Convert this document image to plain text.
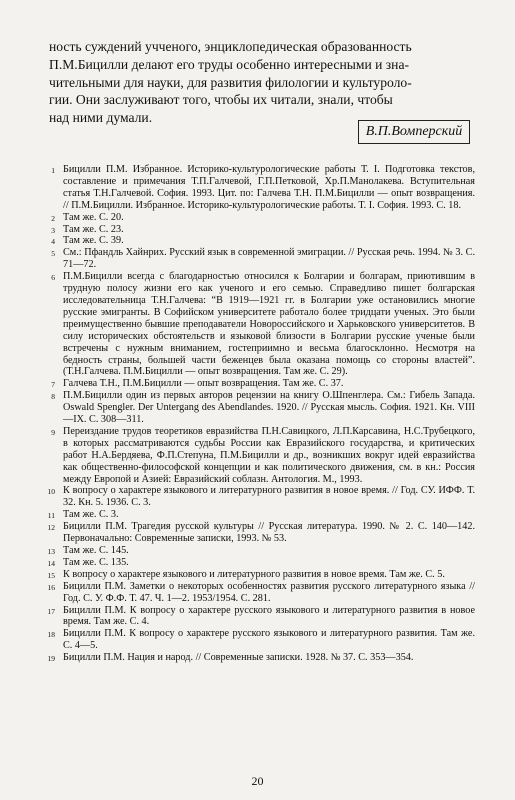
ность суждений учченого, энциклопедическая образованность
П.М.Бицилли делают его труды особенно интересными и зна-
чительными для науки, для развития филологии и культуроло-
гии. Они заслуживают того, чтобы их читали, знали, чтобы
над ними думали.

В.П.Вомперский
1 Бицилли П.М. Избранное. Историко-культурологические работы Т. I. Подготовка текстов, составление и примечания Т.П.Галчевой, Г.П.Петковой, Хр.П.Манолакева. Вступительная статья Т.Н.Галчевой. София. 1993. Цит. по: Галчева Т.Н. П.М.Бицилли — опыт возвращения. // П.М.Бицилли. Избранное. Историко-культурологические работы. Т. I. София. 1993. С. 18.
2 Там же. С. 20.
3 Там же. С. 23.
4 Там же. С. 39.
5 См.: Пфандль Хайнрих. Русский язык в современной эмиграции. // Русская речь. 1994. № 3. С. 71—72.
6 П.М.Бицилли всегда с благодарностью относился к Болгарии и болгарам, приютившим в трудную полосу жизни его как ученого и его семью. Справедливо пишет болгарская исследовательница Т.Н.Галчева: “В 1919—1921 гг. в Болгарии уже остановились многие русские эмигранты. В Софийском университете работало более тридцати ученых. Это были преимущественно бывшие преподаватели Новороссийского и Харьковского университетов. В силу исторических обстоятельств и языковой близости в Болгарии русские ученые были встречены с нужным вниманием, гостеприимно и весьма благосклонно. Несмотря на бедность страны, большей части беженцев была оказана помощь со стороны властей”. (Т.Н.Галчева. П.М.Бицилли — опыт возвращения. Там же. С. 29).
7 Галчева Т.Н., П.М.Бицилли — опыт возвращения. Там же. С. 37.
8 П.М.Бицилли один из первых авторов рецензии на книгу О.Шпенглера. См.: Гибель Запада. Oswald Spengler. Der Untergang des Abendlandes. 1920. // Русская мысль. София. 1921. Кн. VIII—IX. С. 308—311.
9 Переиздание трудов теоретиков евразийства П.Н.Савицкого, Л.П.Карсавина, Н.С.Трубецкого, в которых рассматриваются судьбы России как Евразийского государства, и критических работ Н.А.Бердяева, Ф.П.Степуна, П.М.Бицилли и др., возникших вокруг идей евразийства как общественно-философской концепции и как политического движения, см. в кн.: Россия между Европой и Азией: Евразийский соблазн. Антология. М., 1993.
10 К вопросу о характере языкового и литературного развития в новое время. // Год. СУ. ИФФ. Т. 32. Кн. 5. 1936. С. 3.
11 Там же. С. 3.
12 Бицилли П.М. Трагедия русской культуры // Русская литература. 1990. № 2. С. 140—142. Первоначально: Современные записки, 1993. № 53.
13 Там же. С. 145.
14 Там же. С. 135.
15 К вопросу о характере языкового и литературного развития в новое время. Там же. С. 5.
16 Бицилли П.М. Заметки о некоторых особенностях развития русского литературного языка // Год. С. У. Ф.Ф. Т. 47. Ч. 1—2. 1953/1954. С. 281.
17 Бицилли П.М. К вопросу о характере русского языкового и литературного развития в новое время. Там же. С. 4.
18 Бицилли П.М. К вопросу о характере русского языкового и литературного развития. Там же. С. 4—5.
19 Бицилли П.М. Нация и народ. // Современные записки. 1928. № 37. С. 353—354.
20
